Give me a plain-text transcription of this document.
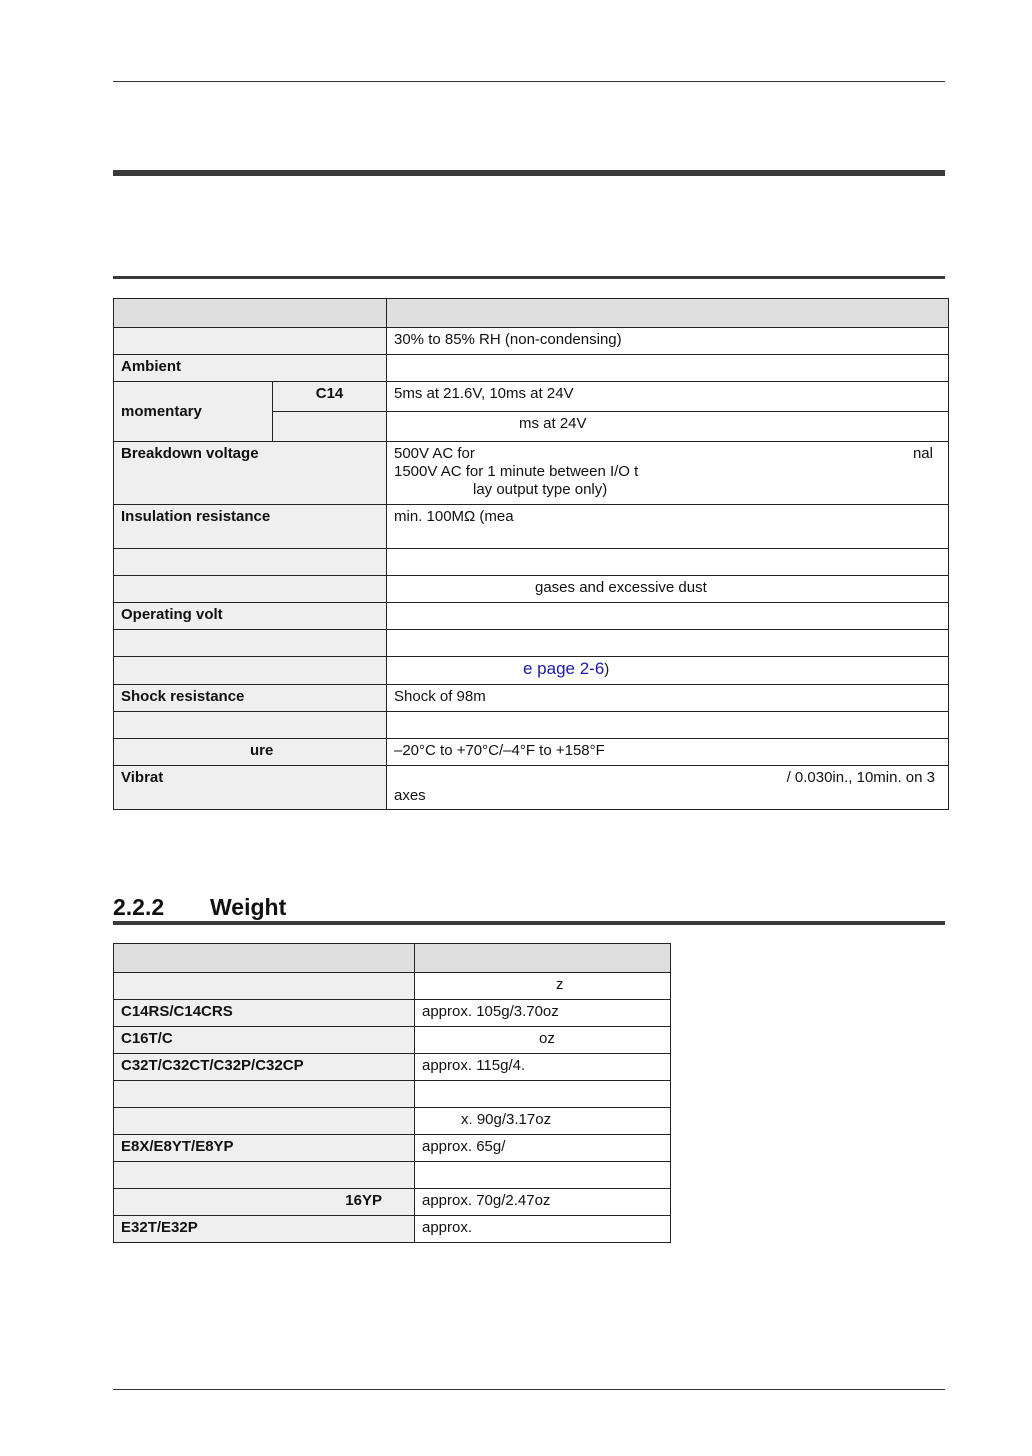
		30% to 85% RH (non-condensing)
Ambient		
momentary	C14	5ms at 21.6V, 10ms at 24V
		ms at 24V
Breakdown voltage		500V AC for nal
1500V AC for 1 minute between I/O t
lay output type only)

Insulation resistance		min. 100MΩ (mea

		gases and excessive dust
Operating volt		

		e page 2-6)
Shock resistance		Shock of 98m

ure		–20°C to +70°C/–4°F to +158°F
Vibrat		/ 0.030in., 10min. on 3
axes
2.2.2 Weight

	z
C14RS/C14CRS	approx. 105g/3.70oz
C16T/C	oz
C32T/C32CT/C32P/C32CP	approx. 115g/4.

	x. 90g/3.17oz
E8X/E8YT/E8YP	approx. 65g/

16YP	approx. 70g/2.47oz
E32T/E32P	approx.
